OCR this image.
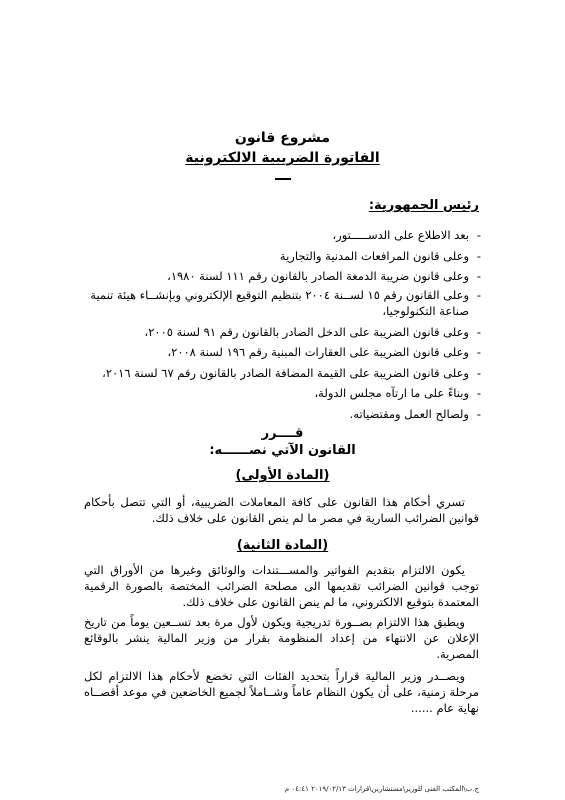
مشروع قانون
الفاتورة الضريبية الالكترونية
رئيس الجمهورية:
-
بعد الاطلاع على الدســـــتور،
-
وعلى قانون المرافعات المدنية والتجارية
-
وعلى قانون ضريبة الدمغة الصادر بالقانون رقم ١١١ لسنة ١٩٨٠،
-
وعلى القانون رقم ١٥ لســنة ٢٠٠٤ بتنظيم التوقيع الإلكتروني وبإنشــاء هيئة تنمية صناعة التكنولوجيا،
-
وعلى قانون الضريبة على الدخل الصادر بالقانون رقم ٩١ لسنة ٢٠٠٥،
-
وعلى قانون الضريبة على العقارات المبنية رقم ١٩٦ لسنة ٢٠٠٨،
-
وعلى قانون الضريبة على القيمة المضافة الصادر بالقانون رقم ٦٧ لسنة ٢٠١٦،
-
وبناءً على ما ارتآه مجلس الدولة،
-
ولصالح العمل ومقتضياته.
قــــرر
القانون الآتي نصــــــه:
(المادة الأولى)
تسري أحكام هذا القانون على كافة المعاملات الضريبية، أو التي تتصل بأحكام قوانين الضرائب السارية في مصر ما لم ينص القانون على خلاف ذلك.
(المادة الثانية)
يكون الالتزام بتقديم الفواتير والمســـتندات والوثائق وغيرها من الأوراق التي توجب قوانين الضرائب تقديمها الى مصلحة الضرائب المختصة بالصورة الرقمية المعتمدة بتوقيع الالكتروني، ما لم ينص القانون على خلاف ذلك.
ويطبق هذا الالتزام بصــورة تدريجية ويكون لأول مرة بعد تســعين يوماً من تاريخ الإعلان عن الانتهاء من إعداد المنظومة بقرار من وزير المالية ينشر بالوقائع المصرية.
ويصــدر وزير المالية قراراً بتحديد الفئات التي تخضع لأحكام هذا الالتزام لكل مرحلة زمنية، على أن يكون النظام عاماً وشــاملاً لجميع الخاضعين في موعد أقصــاه نهاية عام ......
ج.ب\المكتب الفنى للوزير\مستشارين\قرارات ٢٠١٩/٠٢/١٣ ٠٤:٤١ م
